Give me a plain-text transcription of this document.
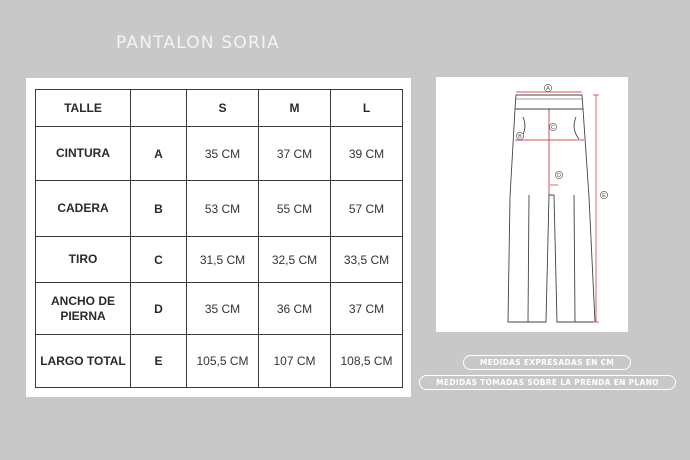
PANTALON SORIA
TALLE		S	M	L
CINTURA	A	35 CM	37 CM	39 CM
CADERA	B	53 CM	55 CM	57 CM
TIRO	C	31,5 CM	32,5 CM	33,5 CM
ANCHO DE PIERNA	D	35 CM	36 CM	37 CM
LARGO TOTAL	E	105,5 CM	107 CM	108,5 CM
A
B
C
D
E
MEDIDAS EXPRESADAS EN CM
MEDIDAS TOMADAS SOBRE LA PRENDA EN PLANO
